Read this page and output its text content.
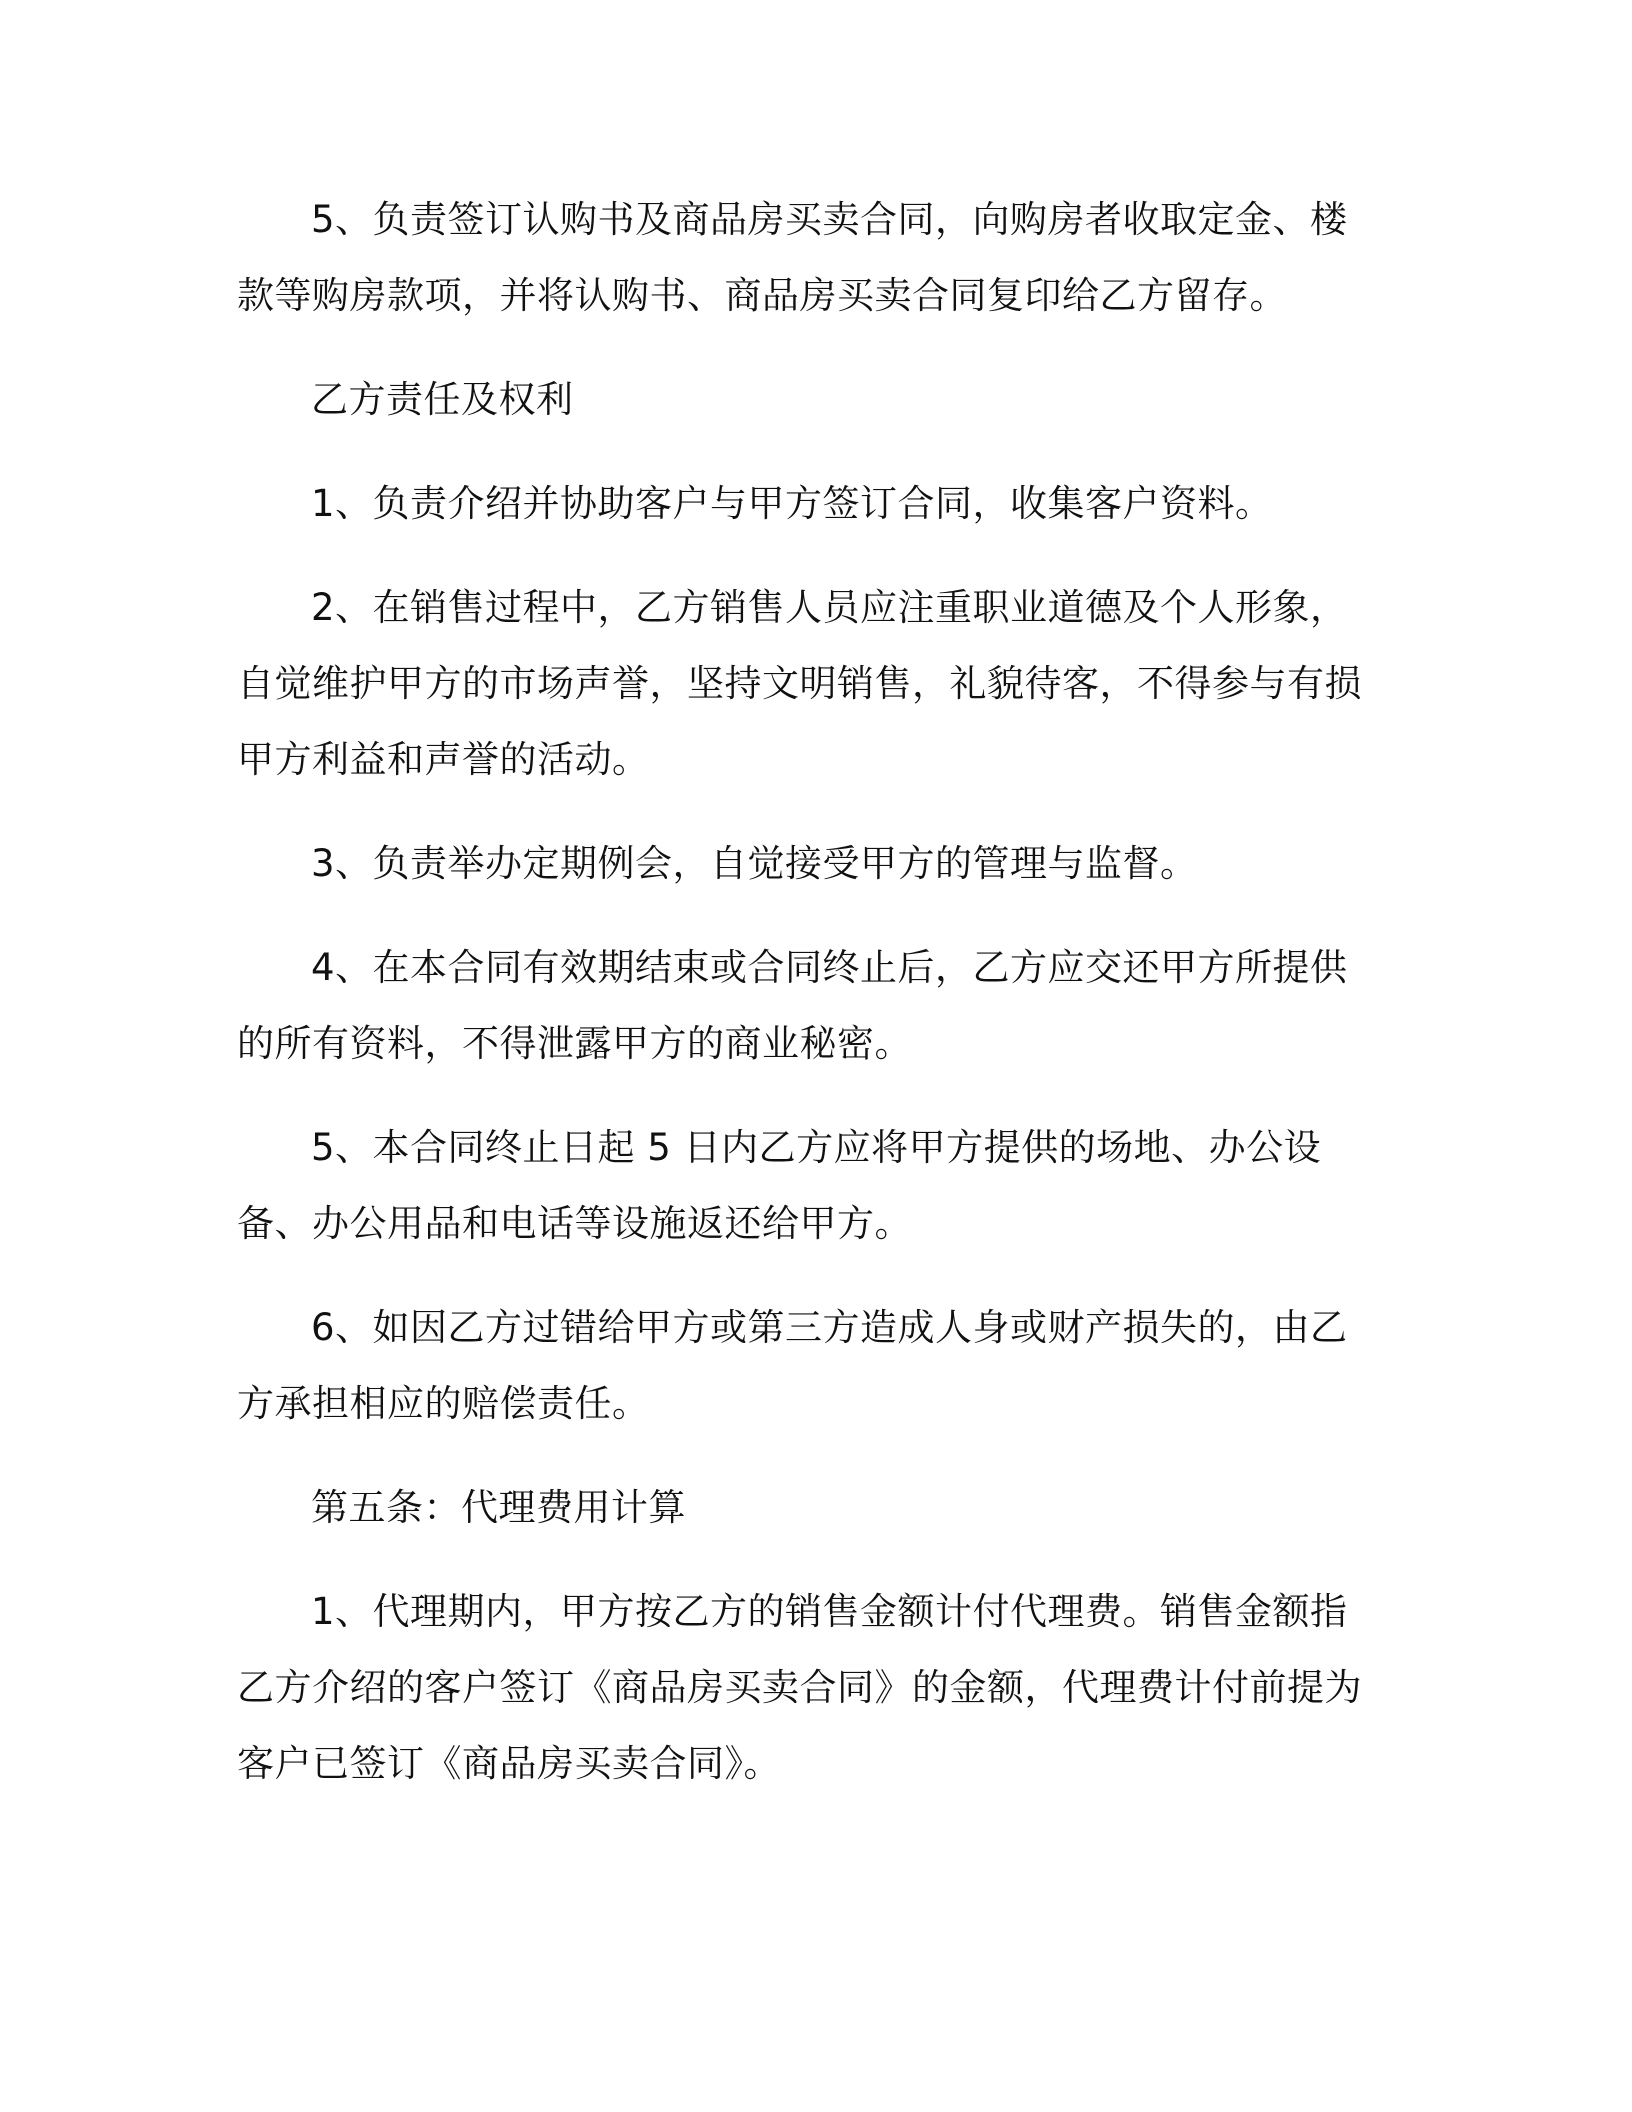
5、负责签订认购书及商品房买卖合同，向购房者收取定金、楼款等购房款项，并将认购书、商品房买卖合同复印给乙方留存。

乙方责任及权利

1、负责介绍并协助客户与甲方签订合同，收集客户资料。

2、在销售过程中，乙方销售人员应注重职业道德及个人形象，自觉维护甲方的市场声誉，坚持文明销售，礼貌待客，不得参与有损甲方利益和声誉的活动。

3、负责举办定期例会，自觉接受甲方的管理与监督。

4、在本合同有效期结束或合同终止后，乙方应交还甲方所提供的所有资料，不得泄露甲方的商业秘密。

5、本合同终止日起 5 日内乙方应将甲方提供的场地、办公设备、办公用品和电话等设施返还给甲方。

6、如因乙方过错给甲方或第三方造成人身或财产损失的，由乙方承担相应的赔偿责任。

第五条：代理费用计算

1、代理期内，甲方按乙方的销售金额计付代理费。销售金额指乙方介绍的客户签订《商品房买卖合同》的金额，代理费计付前提为客户已签订《商品房买卖合同》。
